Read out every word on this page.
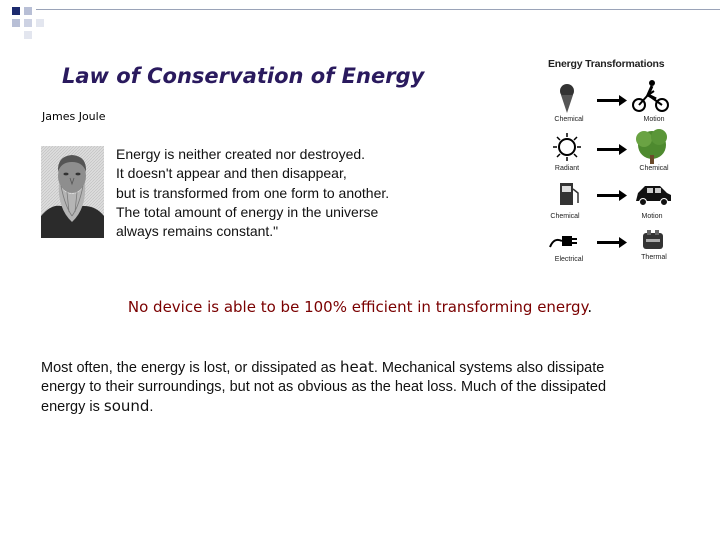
Law of Conservation of Energy
James Joule
Energy is neither created nor destroyed.
It doesn't appear and then disappear,
but is transformed from one form to another.
The total amount of energy in the universe
always remains constant."
Energy Transformations
Chemical	Motion
Radiant	Chemical
Chemical	Motion
Electrical	Thermal
No device is able to be 100% efficient in transforming energy.
Most often, the energy is lost, or dissipated as heat. Mechanical systems also dissipate
energy to their surroundings, but not as obvious as the heat loss. Much of the dissipated
energy is sound.
